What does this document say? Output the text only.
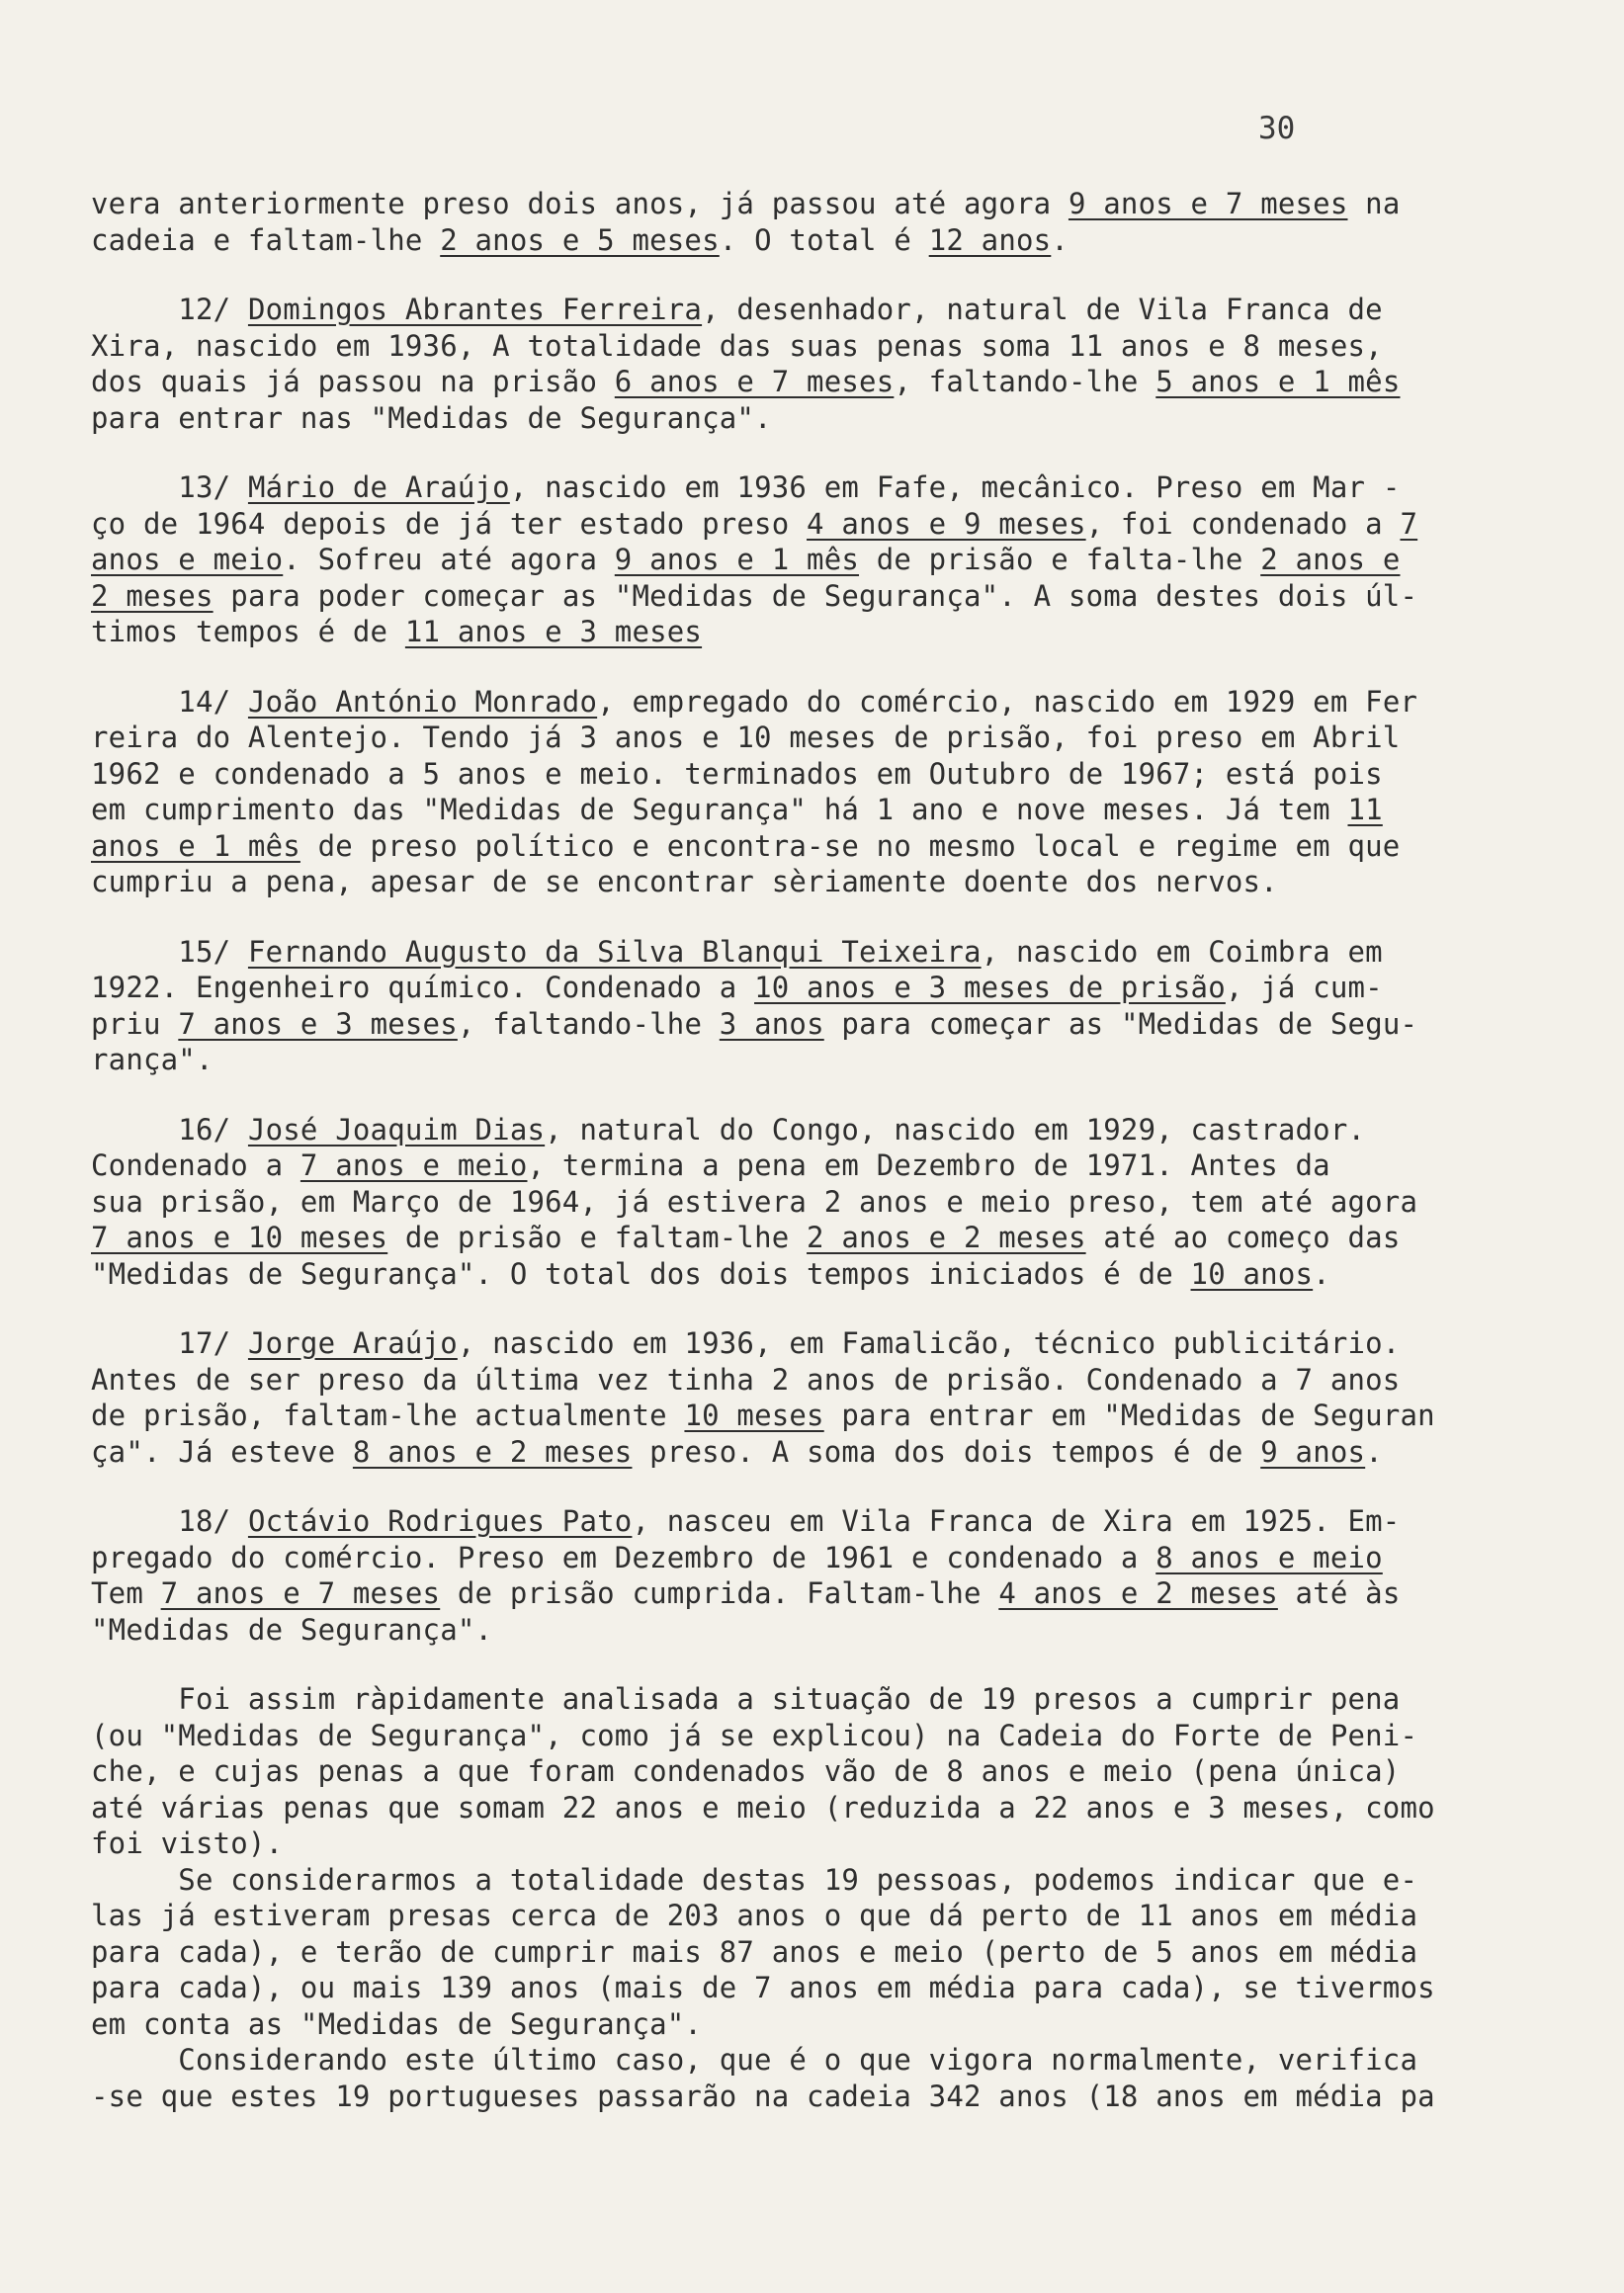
30
vera anteriormente preso dois anos, já passou até agora 9 anos e 7 meses na
cadeia e faltam-lhe 2 anos e 5 meses. O total é 12 anos.
12/ Domingos Abrantes Ferreira, desenhador, natural de Vila Franca de
Xira, nascido em 1936, A totalidade das suas penas soma 11 anos e 8 meses,
dos quais já passou na prisão 6 anos e 7 meses, faltando-lhe 5 anos e 1 mês
para entrar nas "Medidas de Segurança".
13/ Mário de Araújo, nascido em 1936 em Fafe, mecânico. Preso em Mar -
ço de 1964 depois de já ter estado preso 4 anos e 9 meses, foi condenado a 7
anos e meio. Sofreu até agora 9 anos e 1 mês de prisão e falta-lhe 2 anos e
2 meses para poder começar as "Medidas de Segurança". A soma destes dois úl-
timos tempos é de 11 anos e 3 meses
14/ João António Monrado, empregado do comércio, nascido em 1929 em Fer
reira do Alentejo. Tendo já 3 anos e 10 meses de prisão, foi preso em Abril
1962 e condenado a 5 anos e meio. terminados em Outubro de 1967; está pois
em cumprimento das "Medidas de Segurança" há 1 ano e nove meses. Já tem 11
anos e 1 mês de preso político e encontra-se no mesmo local e regime em que
cumpriu a pena, apesar de se encontrar sèriamente doente dos nervos.
15/ Fernando Augusto da Silva Blanqui Teixeira, nascido em Coimbra em
1922. Engenheiro químico. Condenado a 10 anos e 3 meses de prisão, já cum-
priu 7 anos e 3 meses, faltando-lhe 3 anos para começar as "Medidas de Segu-
rança".
16/ José Joaquim Dias, natural do Congo, nascido em 1929, castrador.
Condenado a 7 anos e meio, termina a pena em Dezembro de 1971. Antes da
sua prisão, em Março de 1964, já estivera 2 anos e meio preso, tem até agora
7 anos e 10 meses de prisão e faltam-lhe 2 anos e 2 meses até ao começo das
"Medidas de Segurança". O total dos dois tempos iniciados é de 10 anos.
17/ Jorge Araújo, nascido em 1936, em Famalicão, técnico publicitário.
Antes de ser preso da última vez tinha 2 anos de prisão. Condenado a 7 anos
de prisão, faltam-lhe actualmente 10 meses para entrar em "Medidas de Seguran
ça". Já esteve 8 anos e 2 meses preso. A soma dos dois tempos é de 9 anos.
18/ Octávio Rodrigues Pato, nasceu em Vila Franca de Xira em 1925. Em-
pregado do comércio. Preso em Dezembro de 1961 e condenado a 8 anos e meio
Tem 7 anos e 7 meses de prisão cumprida. Faltam-lhe 4 anos e 2 meses até às
"Medidas de Segurança".
Foi assim ràpidamente analisada a situação de 19 presos a cumprir pena
(ou "Medidas de Segurança", como já se explicou) na Cadeia do Forte de Peni-
che, e cujas penas a que foram condenados vão de 8 anos e meio (pena única)
até várias penas que somam 22 anos e meio (reduzida a 22 anos e 3 meses, como
foi visto).
Se considerarmos a totalidade destas 19 pessoas, podemos indicar que e-
las já estiveram presas cerca de 203 anos o que dá perto de 11 anos em média
para cada), e terão de cumprir mais 87 anos e meio (perto de 5 anos em média
para cada), ou mais 139 anos (mais de 7 anos em média para cada), se tivermos
em conta as "Medidas de Segurança".
Considerando este último caso, que é o que vigora normalmente, verifica
-se que estes 19 portugueses passarão na cadeia 342 anos (18 anos em média pa
